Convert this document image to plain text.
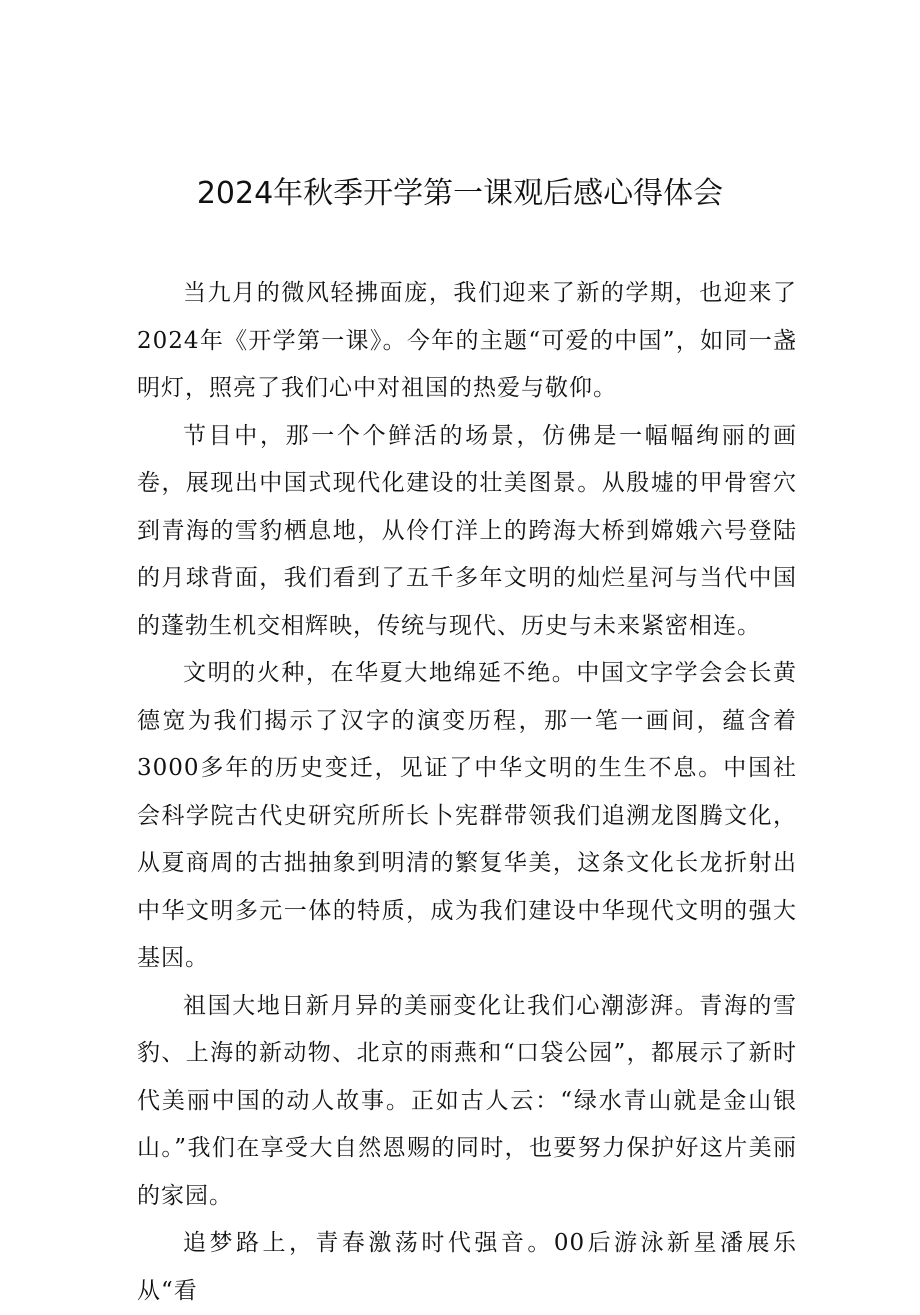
2024年秋季开学第一课观后感心得体会

当九月的微风轻拂面庞，我们迎来了新的学期，也迎来了2024年《开学第一课》。今年的主题“可爱的中国”，如同一盏明灯，照亮了我们心中对祖国的热爱与敬仰。

节目中，那一个个鲜活的场景，仿佛是一幅幅绚丽的画卷，展现出中国式现代化建设的壮美图景。从殷墟的甲骨窖穴到青海的雪豹栖息地，从伶仃洋上的跨海大桥到嫦娥六号登陆的月球背面，我们看到了五千多年文明的灿烂星河与当代中国的蓬勃生机交相辉映，传统与现代、历史与未来紧密相连。

文明的火种，在华夏大地绵延不绝。中国文字学会会长黄德宽为我们揭示了汉字的演变历程，那一笔一画间，蕴含着3000多年的历史变迁，见证了中华文明的生生不息。中国社会科学院古代史研究所所长卜宪群带领我们追溯龙图腾文化，从夏商周的古拙抽象到明清的繁复华美，这条文化长龙折射出中华文明多元一体的特质，成为我们建设中华现代文明的强大基因。

祖国大地日新月异的美丽变化让我们心潮澎湃。青海的雪豹、上海的新动物、北京的雨燕和“口袋公园”，都展示了新时代美丽中国的动人故事。正如古人云：“绿水青山就是金山银山。”我们在享受大自然恩赐的同时，也要努力保护好这片美丽的家园。

追梦路上，青春激荡时代强音。00后游泳新星潘展乐从“看
